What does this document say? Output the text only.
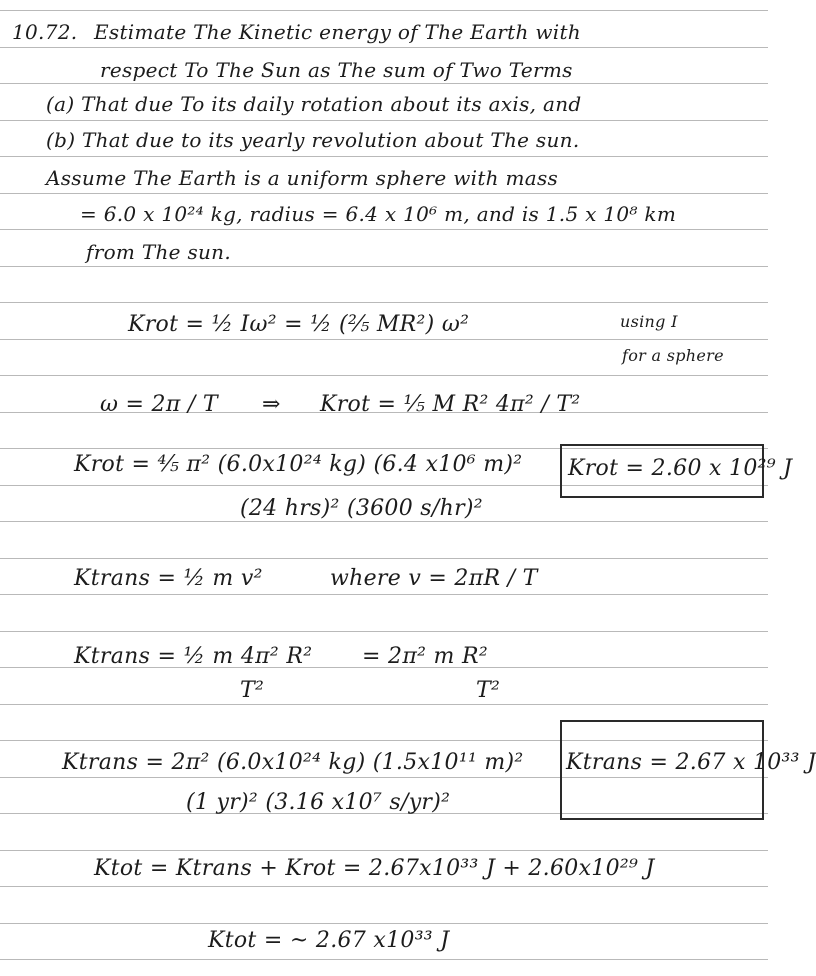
10.72. Estimate The Kinetic energy of The Earth with
respect To The Sun as The sum of Two Terms
(a) That due To its daily rotation about its axis, and
(b) That due to its yearly revolution about The sun.
Assume The Earth is a uniform sphere with mass
= 6.0 x 10²⁴ kg, radius = 6.4 x 10⁶ m, and is 1.5 x 10⁸ km
from The sun.
Krot = ½ Iω² = ½ (⅖ MR²) ω²	using I
for a sphere
ω = 2π / T ⇒ Krot = ⅕ M R² 4π² / T²
Krot = ⅘ π² (6.0x10²⁴ kg) (6.4 x10⁶ m)²
(24 hrs)² (3600 s/hr)²
Krot = 2.60 x 10²⁹ J
Ktrans = ½ m v²	where v = 2πR / T
Ktrans = ½ m 4π² R²
T²
= 2π² m R²
T²
Ktrans = 2π² (6.0x10²⁴ kg) (1.5x10¹¹ m)²
(1 yr)² (3.16 x10⁷ s/yr)²
Ktrans = 2.67 x 10³³ J
Ktot = Ktrans + Krot = 2.67x10³³ J + 2.60x10²⁹ J
Ktot = ~ 2.67 x10³³ J
